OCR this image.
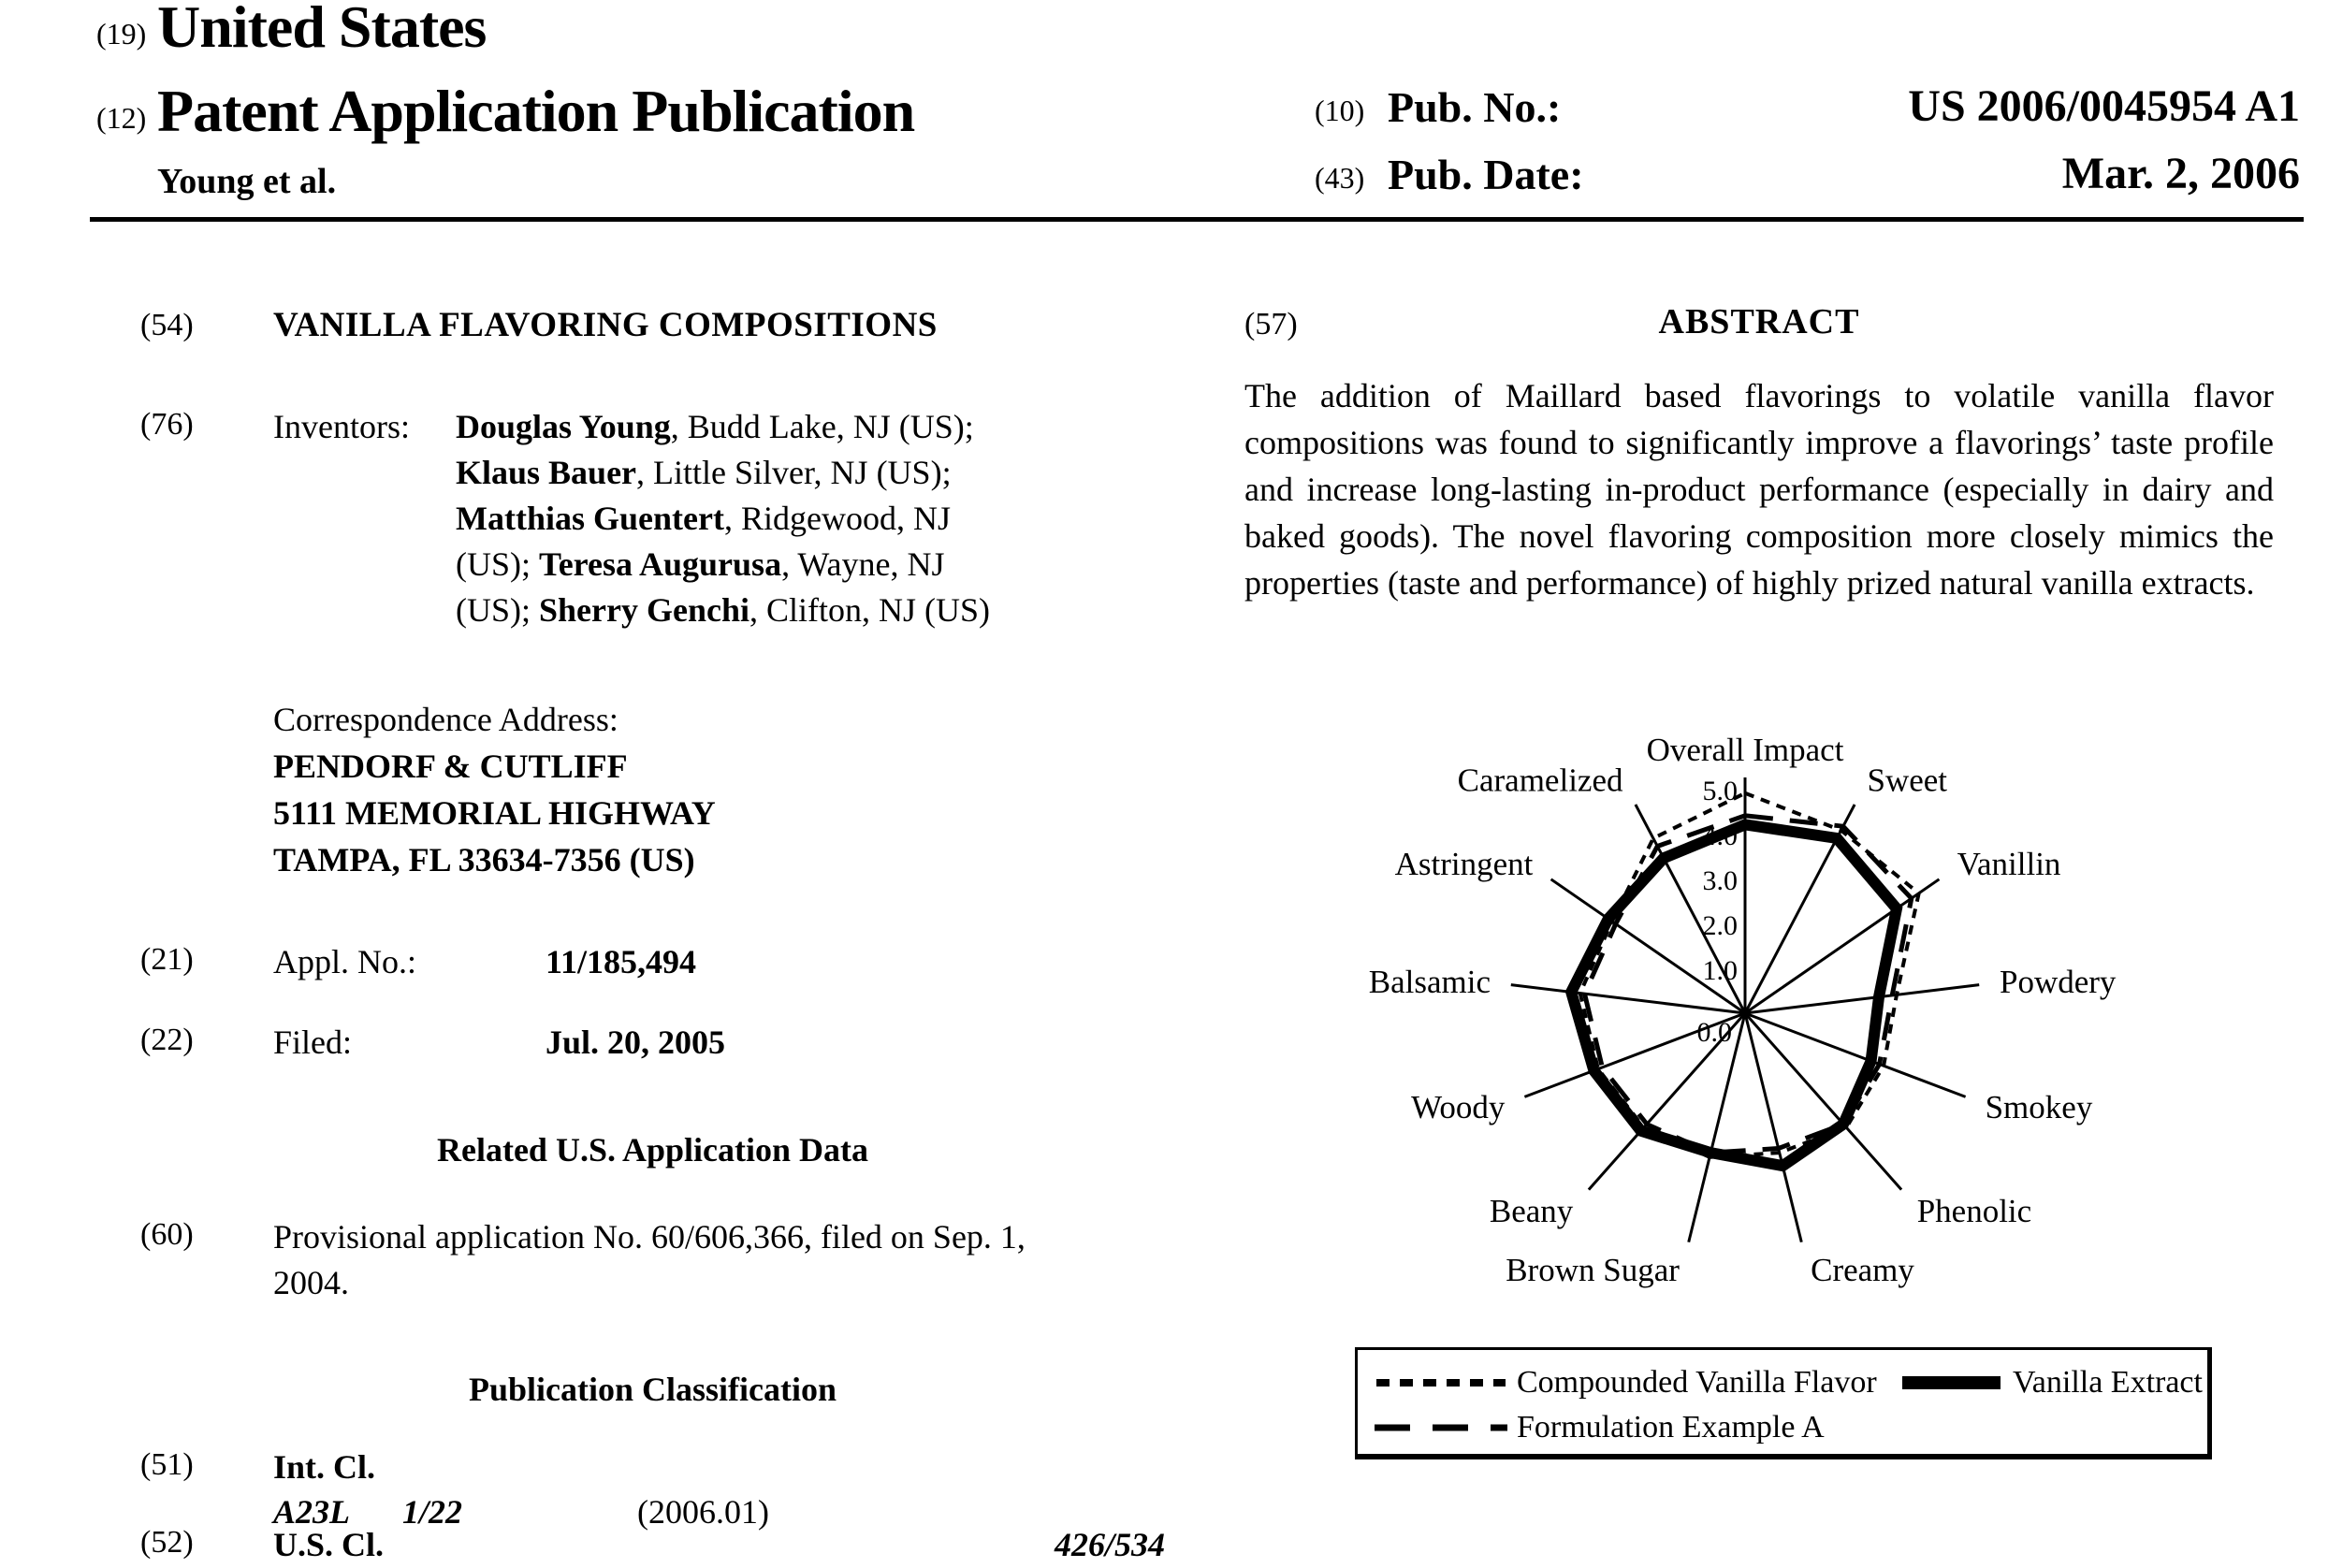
(19) United States
(12) Patent Application Publication
Young et al.
(10) Pub. No.:	US 2006/0045954 A1
(43) Pub. Date:	Mar. 2, 2006
(54) VANILLA FLAVORING COMPOSITIONS
(76) Inventors: Douglas Young, Budd Lake, NJ (US);
Klaus Bauer, Little Silver, NJ (US);
Matthias Guentert, Ridgewood, NJ
(US); Teresa Augurusa, Wayne, NJ
(US); Sherry Genchi, Clifton, NJ (US)
Correspondence Address:
PENDORF & CUTLIFF
5111 MEMORIAL HIGHWAY
TAMPA, FL 33634-7356 (US)
(21) Appl. No.:	11/185,494
(22) Filed:	Jul. 20, 2005
Related U.S. Application Data
(60) Provisional application No. 60/606,366, filed on Sep. 1, 2004.
Publication Classification
(51) Int. Cl.
A23L 1/22	(2006.01)
(52) U.S. Cl.	426/534
(57)	ABSTRACT
The addition of Maillard based flavorings to volatile vanilla flavor compositions was found to significantly improve a flavorings’ taste profile and increase long-lasting in-product performance (especially in dairy and baked goods). The novel flavoring composition more closely mimics the properties (taste and performance) of highly prized natural vanilla extracts.
0.0
1.0
2.0
3.0
4.0
5.0
Overall Impact
Sweet
Vanillin
Powdery
Smokey
Phenolic
Creamy
Brown Sugar
Beany
Woody
Balsamic
Astringent
Caramelized
Compounded Vanilla Flavor	Vanilla Extract
Formulation Example A
